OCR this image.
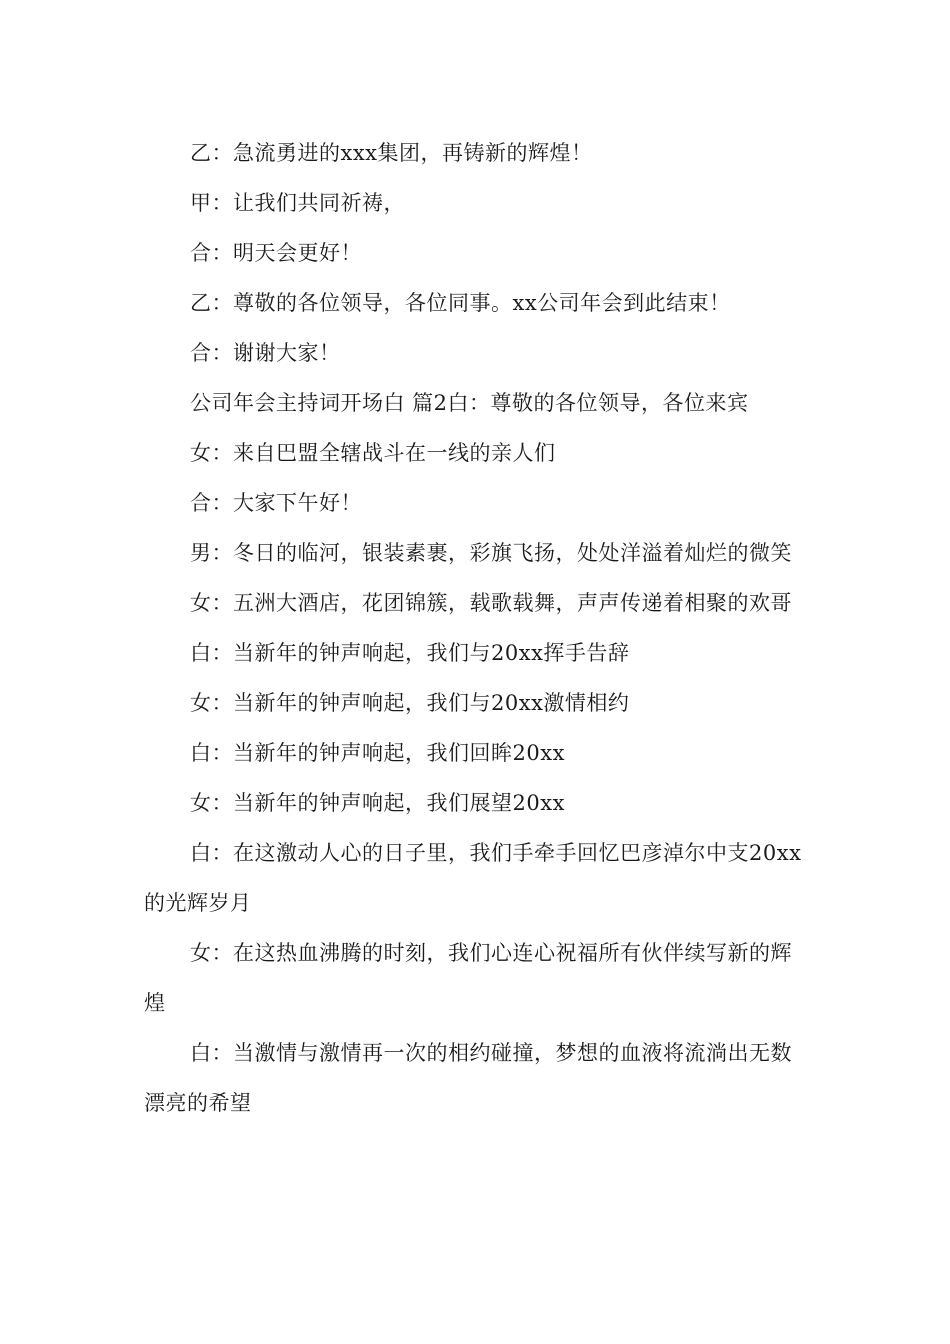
乙：急流勇进的xxx集团，再铸新的辉煌！

甲：让我们共同祈祷，

合：明天会更好！

乙：尊敬的各位领导，各位同事。xx公司年会到此结束！

合：谢谢大家！

公司年会主持词开场白 篇2白：尊敬的各位领导，各位来宾

女：来自巴盟全辖战斗在一线的亲人们

合：大家下午好！

男：冬日的临河，银装素裹，彩旗飞扬，处处洋溢着灿烂的微笑

女：五洲大酒店，花团锦簇，载歌载舞，声声传递着相聚的欢哥

白：当新年的钟声响起，我们与20xx挥手告辞

女：当新年的钟声响起，我们与20xx激情相约

白：当新年的钟声响起，我们回眸20xx

女：当新年的钟声响起，我们展望20xx

白：在这激动人心的日子里，我们手牵手回忆巴彦淖尔中支20xx的光辉岁月

女：在这热血沸腾的时刻，我们心连心祝福所有伙伴续写新的辉煌

白：当激情与激情再一次的相约碰撞，梦想的血液将流淌出无数漂亮的希望
